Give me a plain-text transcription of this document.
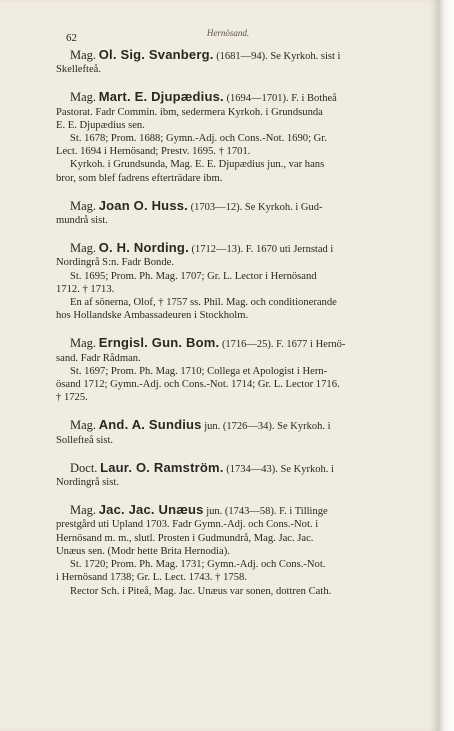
62	Hernösand.
Mag. Ol. Sig. Svanberg. (1681—94). Se Kyrkoh. sist i
Skellefteå.
Mag. Mart. E. Djupædius. (1694—1701). F. i Botheå
Pastorat. Fadr Commin. ibm, sedermera Kyrkoh. i Grundsunda
E. E. Djupædius sen.
St. 1678; Prom. 1688; Gymn.-Adj. och Cons.-Not. 1690; Gr.
Lect. 1694 i Hernösand; Prestv. 1695. † 1701.
Kyrkoh. i Grundsunda, Mag. E. E. Djupædius jun., var hans
bror, som blef fadrens efterträdare ibm.
Mag. Joan O. Huss. (1703—12). Se Kyrkoh. i Gud-
mundrå sist.
Mag. O. H. Nording. (1712—13). F. 1670 uti Jernstad i
Nordingrå S:n. Fadr Bonde.
St. 1695; Prom. Ph. Mag. 1707; Gr. L. Lector i Hernösand
1712. † 1713.
En af sönerna, Olof, † 1757 ss. Phil. Mag. och conditionerande
hos Hollandske Ambassadeuren i Stockholm.
Mag. Erngisl. Gun. Bom. (1716—25). F. 1677 i Hernö-
sand. Fadr Rådman.
St. 1697; Prom. Ph. Mag. 1710; Collega et Apologist i Hern-
ösand 1712; Gymn.-Adj. och Cons.-Not. 1714; Gr. L. Lector 1716.
† 1725.
Mag. And. A. Sundius jun. (1726—34). Se Kyrkoh. i
Sollefteå sist.
Doct. Laur. O. Ramström. (1734—43). Se Kyrkoh. i
Nordingrå sist.
Mag. Jac. Jac. Unæus jun. (1743—58). F. i Tillinge
prestgård uti Upland 1703. Fadr Gymn.-Adj. och Cons.-Not. i
Hernösand m. m., slutl. Prosten i Gudmundrå, Mag. Jac. Jac.
Unæus sen. (Modr hette Brita Hernodia).
St. 1720; Prom. Ph. Mag. 1731; Gymn.-Adj. och Cons.-Not.
i Hernösand 1738; Gr. L. Lect. 1743. † 1758.
Rector Sch. i Piteå, Mag. Jac. Unæus var sonen, dottren Cath.
